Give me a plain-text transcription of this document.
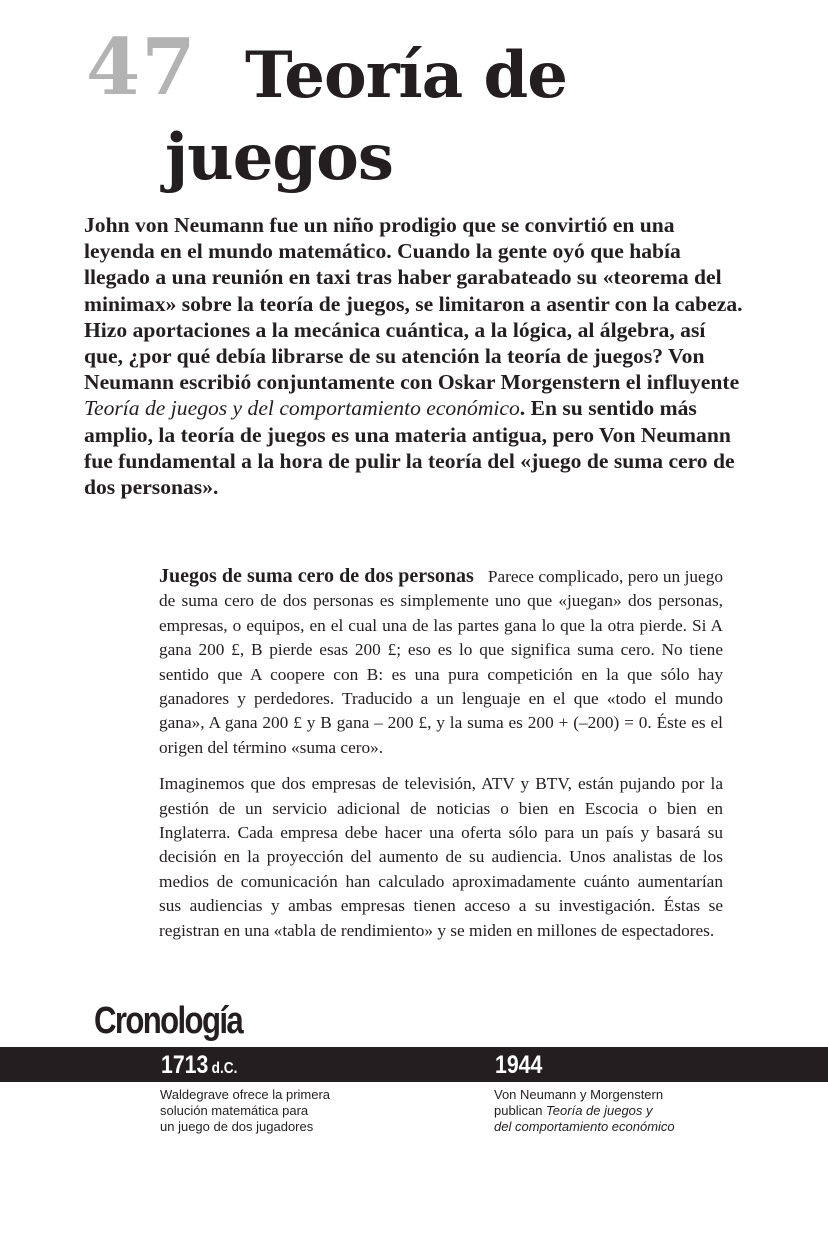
47 Teoría de
juegos

John von Neumann fue un niño prodigio que se convirtió en una leyenda en el mundo matemático. Cuando la gente oyó que había llegado a una reunión en taxi tras haber garabateado su «teorema del minimax» sobre la teoría de juegos, se limitaron a asentir con la cabeza. Hizo aportaciones a la mecánica cuántica, a la lógica, al álgebra, así que, ¿por qué debía librarse de su atención la teoría de juegos? Von Neumann escribió conjuntamente con Oskar Morgenstern el influyente Teoría de juegos y del comportamiento económico. En su sentido más amplio, la teoría de juegos es una materia antigua, pero Von Neumann fue fundamental a la hora de pulir la teoría del «juego de suma cero de dos personas».

Juegos de suma cero de dos personas Parece complicado, pero un juego de suma cero de dos personas es simplemente uno que «juegan» dos personas, empresas, o equipos, en el cual una de las partes gana lo que la otra pierde. Si A gana 200 £, B pierde esas 200 £; eso es lo que significa suma cero. No tiene sentido que A coopere con B: es una pura competición en la que sólo hay ganadores y perdedores. Traducido a un lenguaje en el que «todo el mundo gana», A gana 200 £ y B gana – 200 £, y la suma es 200 + (–200) = 0. Éste es el origen del término «suma cero».

Imaginemos que dos empresas de televisión, ATV y BTV, están pujando por la gestión de un servicio adicional de noticias o bien en Escocia o bien en Inglaterra. Cada empresa debe hacer una oferta sólo para un país y basará su decisión en la proyección del aumento de su audiencia. Unos analistas de los medios de comunicación han calculado aproximadamente cuánto aumentarían sus audiencias y ambas empresas tienen acceso a su investigación. Éstas se registran en una «tabla de rendimiento» y se miden en millones de espectadores.

Cronología
1713 d.C.	1944
Waldegrave ofrece la primera
solución matemática para
un juego de dos jugadores
Von Neumann y Morgenstern
publican Teoría de juegos y
del comportamiento económico
